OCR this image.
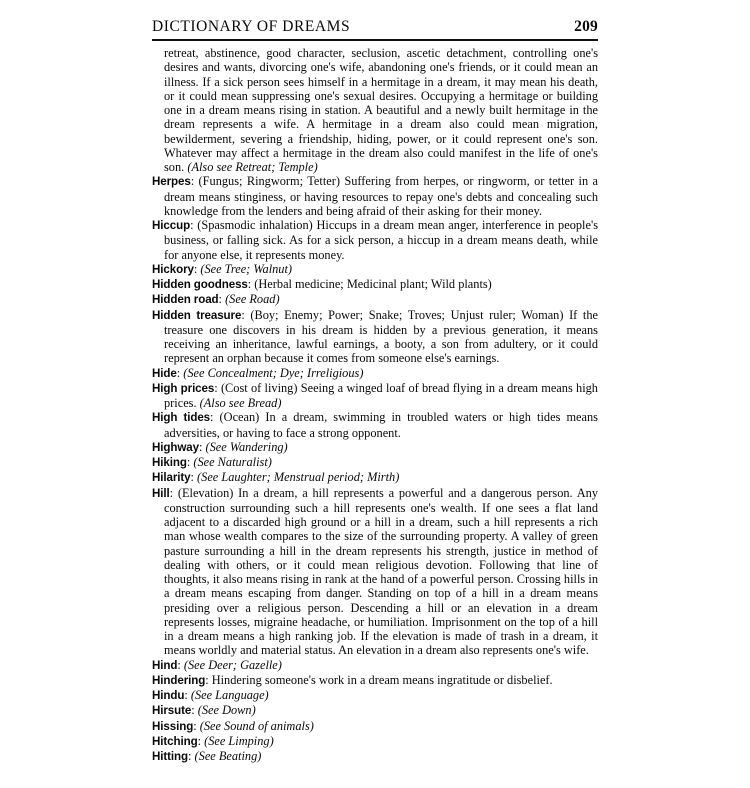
DICTIONARY OF DREAMS	209

retreat, abstinence, good character, seclusion, ascetic detachment, controlling one's desires and wants, divorcing one's wife, abandoning one's friends, or it could mean an illness. If a sick person sees himself in a hermitage in a dream, it may mean his death, or it could mean suppressing one's sexual desires. Occupying a hermitage or building one in a dream means rising in station. A beautiful and a newly built hermitage in the dream represents a wife. A hermitage in a dream also could mean migration, bewilderment, severing a friendship, hiding, power, or it could represent one's son. Whatever may affect a hermitage in the dream also could manifest in the life of one's son. (Also see Retreat; Temple)

Herpes: (Fungus; Ringworm; Tetter) Suffering from herpes, or ringworm, or tetter in a dream means stinginess, or having resources to repay one's debts and concealing such knowledge from the lenders and being afraid of their asking for their money.

Hiccup: (Spasmodic inhalation) Hiccups in a dream mean anger, interference in people's business, or falling sick. As for a sick person, a hiccup in a dream means death, while for anyone else, it represents money.

Hickory: (See Tree; Walnut)

Hidden goodness: (Herbal medicine; Medicinal plant; Wild plants)

Hidden road: (See Road)

Hidden treasure: (Boy; Enemy; Power; Snake; Troves; Unjust ruler; Woman) If the treasure one discovers in his dream is hidden by a previous generation, it means receiving an inheritance, lawful earnings, a booty, a son from adultery, or it could represent an orphan because it comes from someone else's earnings.

Hide: (See Concealment; Dye; Irreligious)

High prices: (Cost of living) Seeing a winged loaf of bread flying in a dream means high prices. (Also see Bread)

High tides: (Ocean) In a dream, swimming in troubled waters or high tides means adversities, or having to face a strong opponent.

Highway: (See Wandering)

Hiking: (See Naturalist)

Hilarity: (See Laughter; Menstrual period; Mirth)

Hill: (Elevation) In a dream, a hill represents a powerful and a dangerous person. Any construction surrounding such a hill represents one's wealth. If one sees a flat land adjacent to a discarded high ground or a hill in a dream, such a hill represents a rich man whose wealth compares to the size of the surrounding property. A valley of green pasture surrounding a hill in the dream represents his strength, justice in method of dealing with others, or it could mean religious devotion. Following that line of thoughts, it also means rising in rank at the hand of a powerful person. Crossing hills in a dream means escaping from danger. Standing on top of a hill in a dream means presiding over a religious person. Descending a hill or an elevation in a dream represents losses, migraine headache, or humiliation. Imprisonment on the top of a hill in a dream means a high ranking job. If the elevation is made of trash in a dream, it means worldly and material status. An elevation in a dream also represents one's wife.

Hind: (See Deer; Gazelle)

Hindering: Hindering someone's work in a dream means ingratitude or disbelief.

Hindu: (See Language)

Hirsute: (See Down)

Hissing: (See Sound of animals)

Hitching: (See Limping)

Hitting: (See Beating)
